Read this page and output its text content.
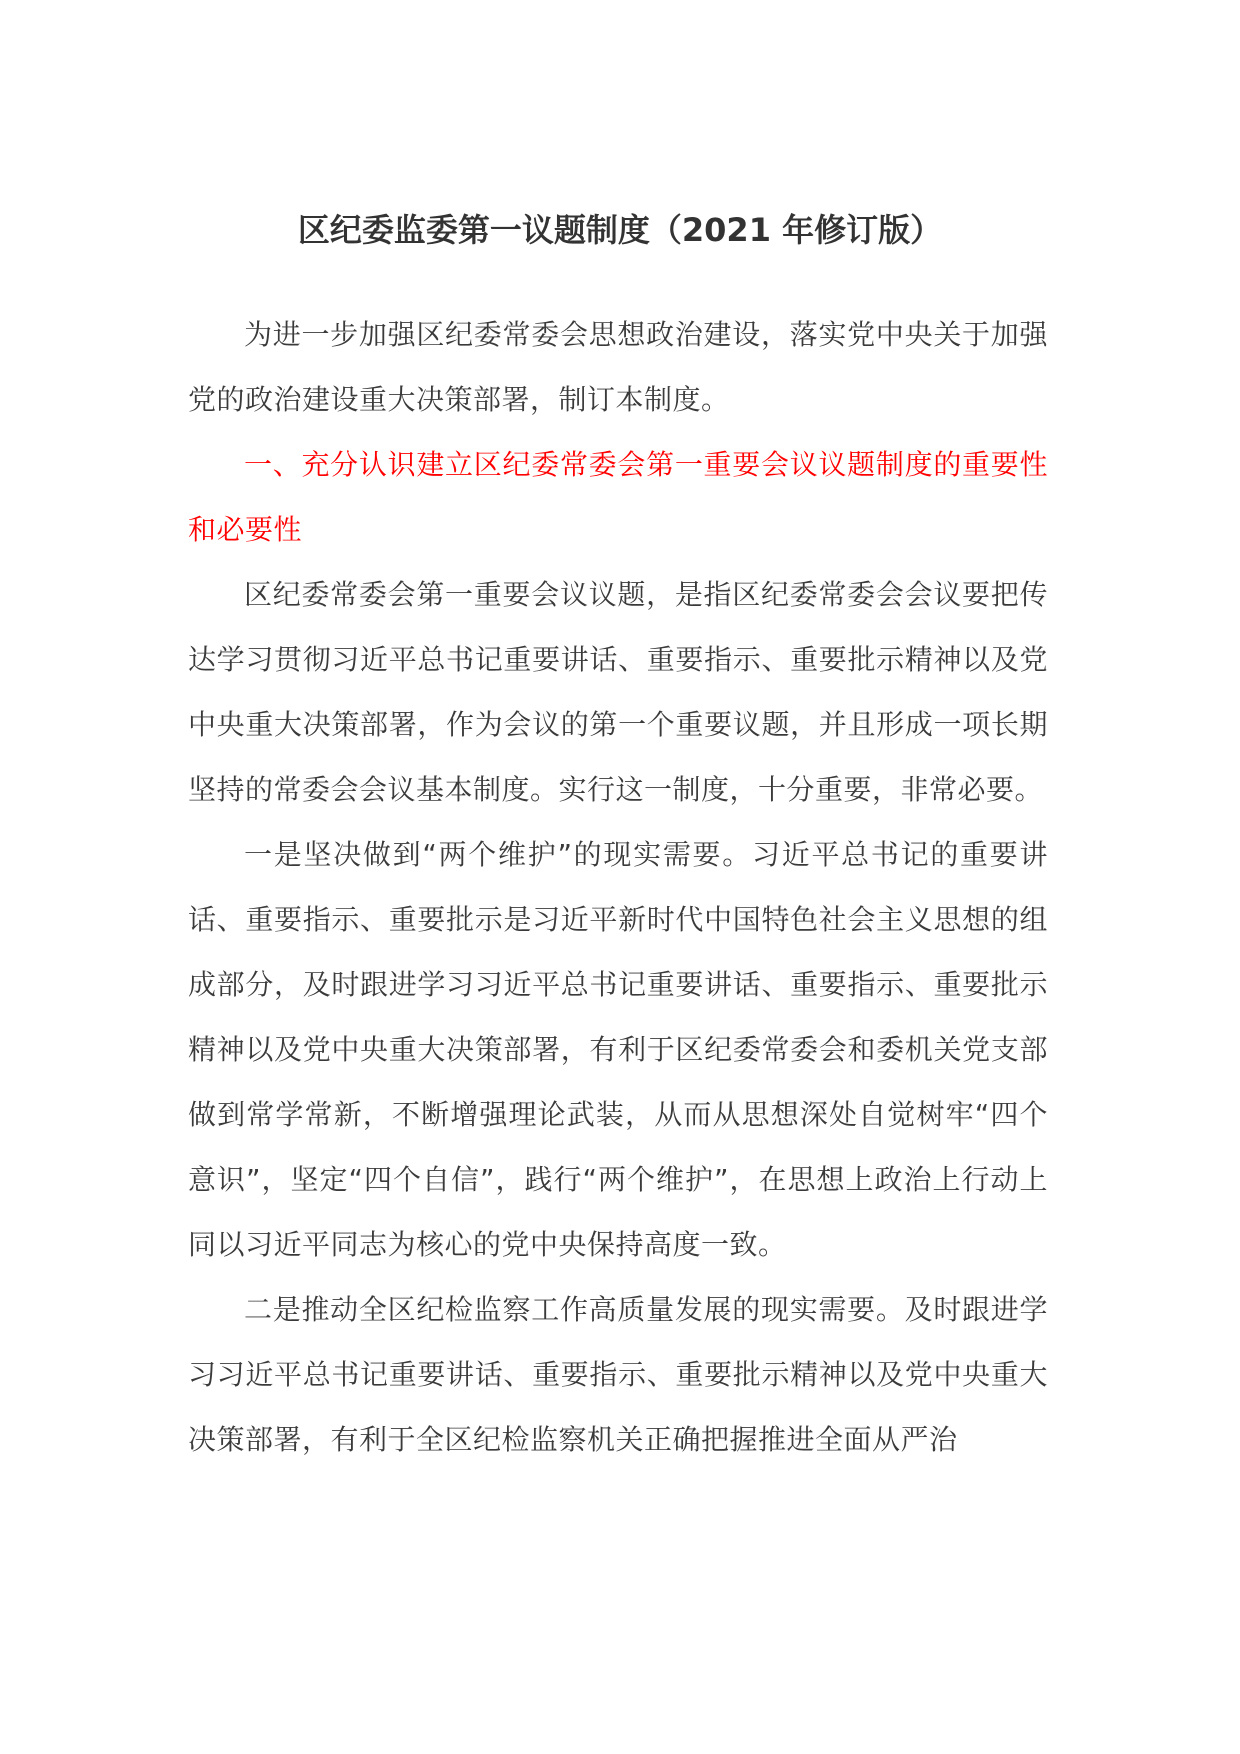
区纪委监委第一议题制度（2021 年修订版）

为进一步加强区纪委常委会思想政治建设，落实党中央关于加强党的政治建设重大决策部署，制订本制度。

一、充分认识建立区纪委常委会第一重要会议议题制度的重要性和必要性

区纪委常委会第一重要会议议题，是指区纪委常委会会议要把传达学习贯彻习近平总书记重要讲话、重要指示、重要批示精神以及党中央重大决策部署，作为会议的第一个重要议题，并且形成一项长期坚持的常委会会议基本制度。实行这一制度，十分重要，非常必要。

一是坚决做到“两个维护”的现实需要。习近平总书记的重要讲话、重要指示、重要批示是习近平新时代中国特色社会主义思想的组成部分，及时跟进学习习近平总书记重要讲话、重要指示、重要批示精神以及党中央重大决策部署，有利于区纪委常委会和委机关党支部做到常学常新，不断增强理论武装，从而从思想深处自觉树牢“四个意识”，坚定“四个自信”，践行“两个维护”，在思想上政治上行动上同以习近平同志为核心的党中央保持高度一致。

二是推动全区纪检监察工作高质量发展的现实需要。及时跟进学习习近平总书记重要讲话、重要指示、重要批示精神以及党中央重大决策部署，有利于全区纪检监察机关正确把握推进全面从严治
